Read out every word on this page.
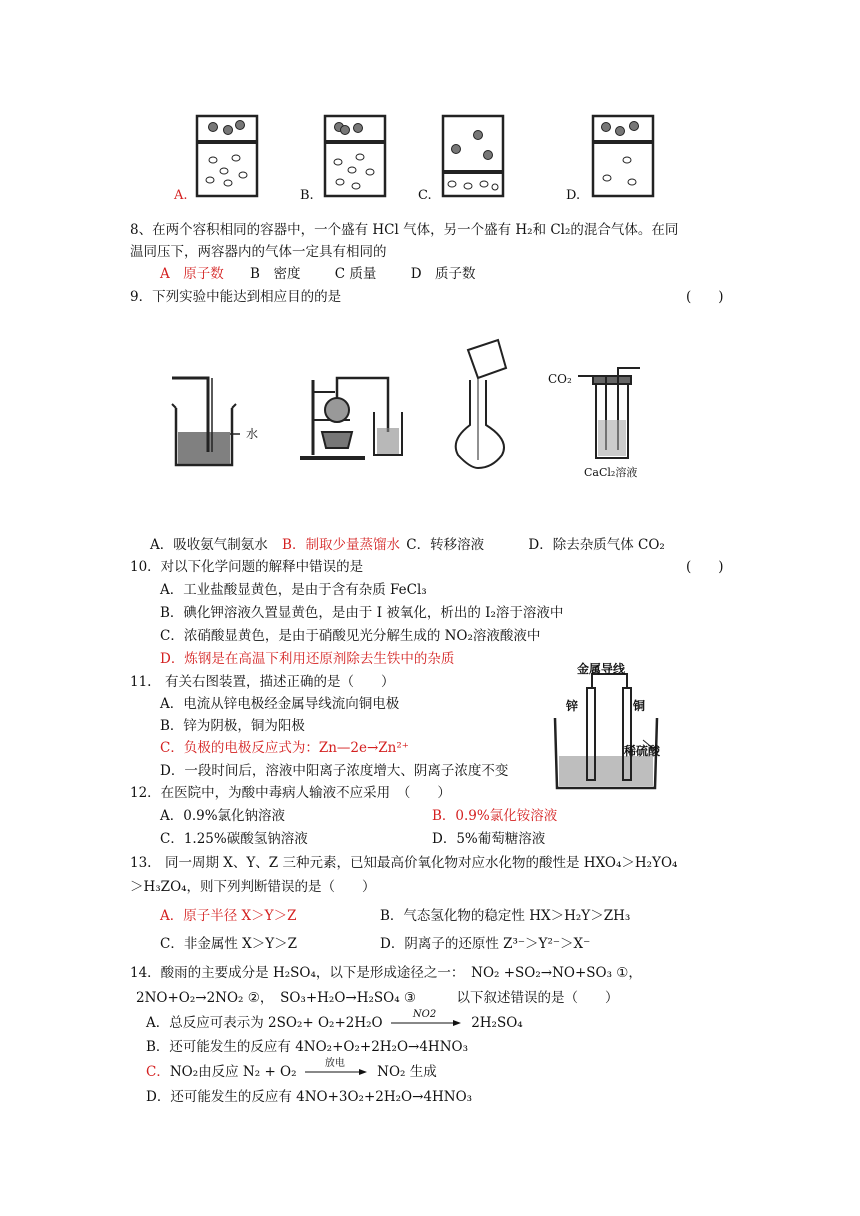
A.	B.	C.	D.
8、在两个容积相同的容器中，一个盛有 HCl 气体，另一个盛有 H₂和 Cl₂的混合气体。在同
温同压下，两容器内的气体一定具有相同的
A　原子数 B　密度	C 质量	D　质子数
9．下列实验中能达到相应目的的是	(　　)
水
CO₂
CaCl₂溶液
A．吸收氨气制氨水 B．制取少量蒸馏水 C．转移溶液	D．除去杂质气体 CO₂
10．对以下化学问题的解释中错误的是	(　　)
A．工业盐酸显黄色，是由于含有杂质 FeCl₃
B．碘化钾溶液久置显黄色，是由于 I 被氧化，析出的 I₂溶于溶液中
C．浓硝酸显黄色，是由于硝酸见光分解生成的 NO₂溶液酸液中
D．炼钢是在高温下利用还原剂除去生铁中的杂质
11.　有关右图装置，描述正确的是（　　）
A．电流从锌电极经金属导线流向铜电极
B．锌为阴极，铜为阳极
C．负极的电极反应式为：Zn—2e→Zn²⁺
D．一段时间后，溶液中阳离子浓度增大、阴离子浓度不变
金属导线
锌	铜
稀硫酸
12．在医院中，为酸中毒病人输液不应采用　（　　）
A．0.9%氯化钠溶液	B．0.9%氯化铵溶液
C．1.25%碳酸氢钠溶液	D．5%葡萄糖溶液
13.　同一周期 X、Y、Z 三种元素，已知最高价氧化物对应水化物的酸性是 HXO₄＞H₂YO₄
＞H₃ZO₄，则下列判断错误的是（　　）
A．原子半径 X＞Y＞Z	B．气态氢化物的稳定性 HX＞H₂Y＞ZH₃
C．非金属性 X＞Y＞Z	D．阴离子的还原性 Z³⁻＞Y²⁻＞X⁻
14．酸雨的主要成分是 H₂SO₄，以下是形成途径之一：　NO₂ +SO₂→NO+SO₃ ①，
2NO+O₂→2NO₂ ②，　SO₃+H₂O→H₂SO₄ ③　　　以下叙述错误的是（　　）
A．总反应可表示为 2SO₂+ O₂+2H₂O
NO2
2H₂SO₄
B．还可能发生的反应有 4NO₂+O₂+2H₂O→4HNO₃
C．NO₂由反应 N₂ + O₂
放电
NO₂ 生成
D．还可能发生的反应有 4NO+3O₂+2H₂O→4HNO₃
